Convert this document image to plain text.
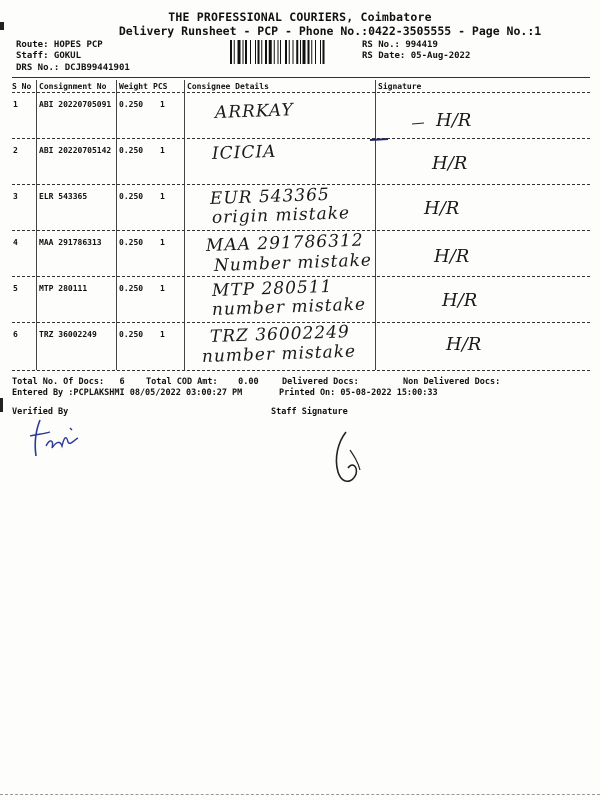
THE PROFESSIONAL COURIERS, Coimbatore
Delivery Runsheet - PCP - Phone No.:0422-3505555 - Page No.:1
Route: HOPES PCP
Staff: GOKUL
DRS No.: DCJB99441901
RS No.: 994419
RS Date: 05-Aug-2022
S No Consignment No Weight PCS Consignee Details	Signature
1	ABI 20220705091 0.250 1	ARRKAY	H/R
2	ABI 20220705142 0.250 1	ICICIA	H/R
3	ELR 543365	0.250 1	EUR 543365
origin mistake	H/R
4	MAA 291786313 0.250 1 MAA 291786312
Number mistake	H/R
5	MTP 280111	0.250 1	MTP 280511
number mistake	H/R
6	TRZ 36002249	0.250 1	TRZ 36002249
number mistake	H/R
Total No. Of Docs:   6	Total COD Amt:    0.00	Delivered Docs:	Non Delivered Docs:
Entered By :PCPLAKSHMI 08/05/2022 03:00:27 PM	Printed On: 05-08-2022 15:00:33
Verified By	Staff Signature
